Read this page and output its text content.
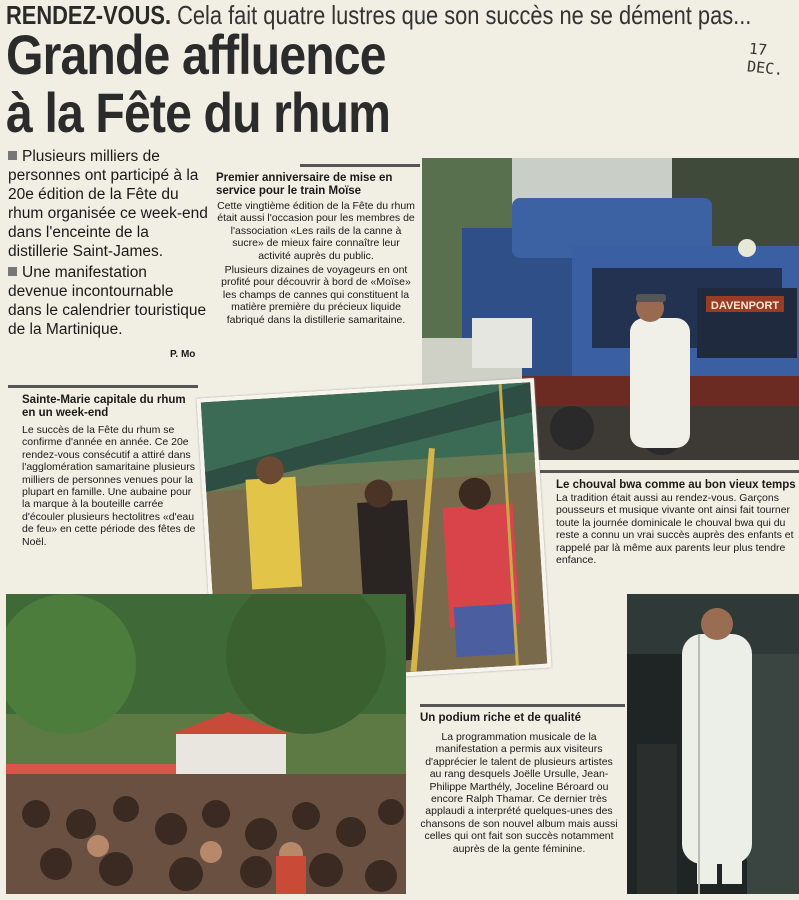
RENDEZ-VOUS. Cela fait quatre lustres que son succès ne se dément pas...
Grande affluence
à la Fête du rhum
17 DEC.

Plusieurs milliers de personnes ont participé à la 20e édition de la Fête du rhum organisée ce week-end dans l'enceinte de la distillerie Saint-James.

Une manifestation devenue incontournable dans le calendrier touristique de la Martinique.

P. Mo
Premier anniversaire de mise en service pour le train Moïse
Cette vingtième édition de la Fête du rhum était aussi l'occasion pour les membres de l'association «Les rails de la canne à sucre» de mieux faire connaître leur activité auprès du public.
Plusieurs dizaines de voyageurs en ont profité pour découvrir à bord de «Moïse» les champs de cannes qui constituent la matière première du précieux liquide fabriqué dans la distillerie samaritaine.
DAVENPORT
Sainte-Marie capitale du rhum en un week-end
Le succès de la Fête du rhum se confirme d'année en année. Ce 20e rendez-vous consécutif a attiré dans l'agglomération samaritaine plusieurs milliers de personnes venues pour la plupart en famille. Une aubaine pour la marque à la bouteille carrée d'écouler plusieurs hectolitres «d'eau de feu» en cette période des fêtes de Noël.
Le chouval bwa comme au bon vieux temps
La tradition était aussi au rendez-vous. Garçons pousseurs et musique vivante ont ainsi fait tourner toute la journée dominicale le chouval bwa qui du reste a connu un vrai succès auprès des enfants et rappelé par là même aux parents leur plus tendre enfance.
Un podium riche et de qualité
La programmation musicale de la manifestation a permis aux visiteurs d'apprécier le talent de plusieurs artistes au rang desquels Joëlle Ursulle, Jean-Philippe Marthély, Joceline Béroard ou encore Ralph Thamar. Ce dernier très applaudi a interprété quelques-unes des chansons de son nouvel album mais aussi celles qui ont fait son succès notamment auprès de la gente féminine.
